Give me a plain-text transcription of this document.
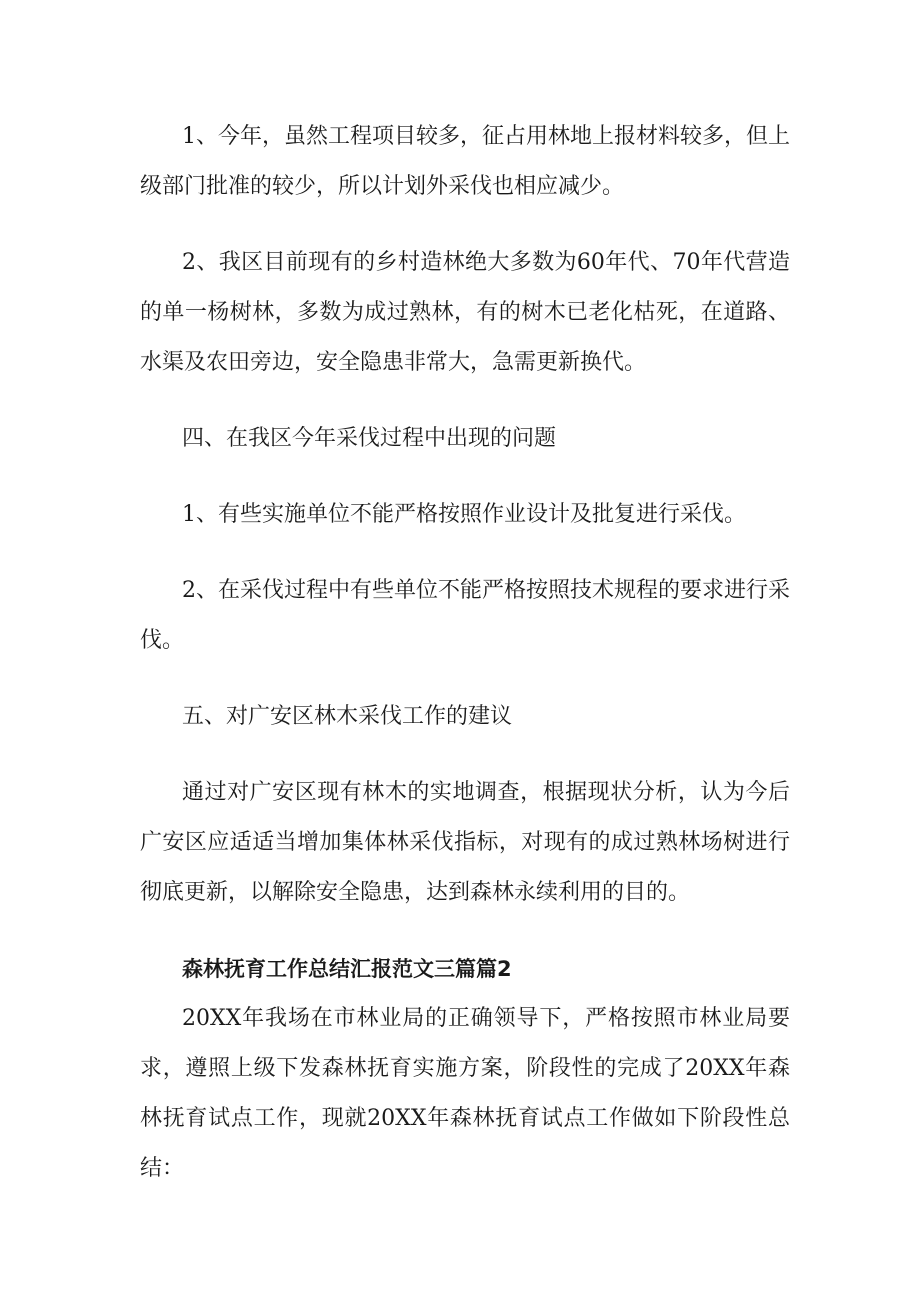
1、今年，虽然工程项目较多，征占用林地上报材料较多，但上级部门批准的较少，所以计划外采伐也相应减少。

2、我区目前现有的乡村造林绝大多数为60年代、70年代营造的单一杨树林，多数为成过熟林，有的树木已老化枯死，在道路、水渠及农田旁边，安全隐患非常大，急需更新换代。

四、在我区今年采伐过程中出现的问题

1、有些实施单位不能严格按照作业设计及批复进行采伐。

2、在采伐过程中有些单位不能严格按照技术规程的要求进行采伐。

五、对广安区林木采伐工作的建议

通过对广安区现有林木的实地调查，根据现状分析，认为今后广安区应适适当增加集体林采伐指标，对现有的成过熟林场树进行彻底更新，以解除安全隐患，达到森林永续利用的目的。

森林抚育工作总结汇报范文三篇篇2

20XX年我场在市林业局的正确领导下，严格按照市林业局要求，遵照上级下发森林抚育实施方案，阶段性的完成了20XX年森林抚育试点工作，现就20XX年森林抚育试点工作做如下阶段性总结：
